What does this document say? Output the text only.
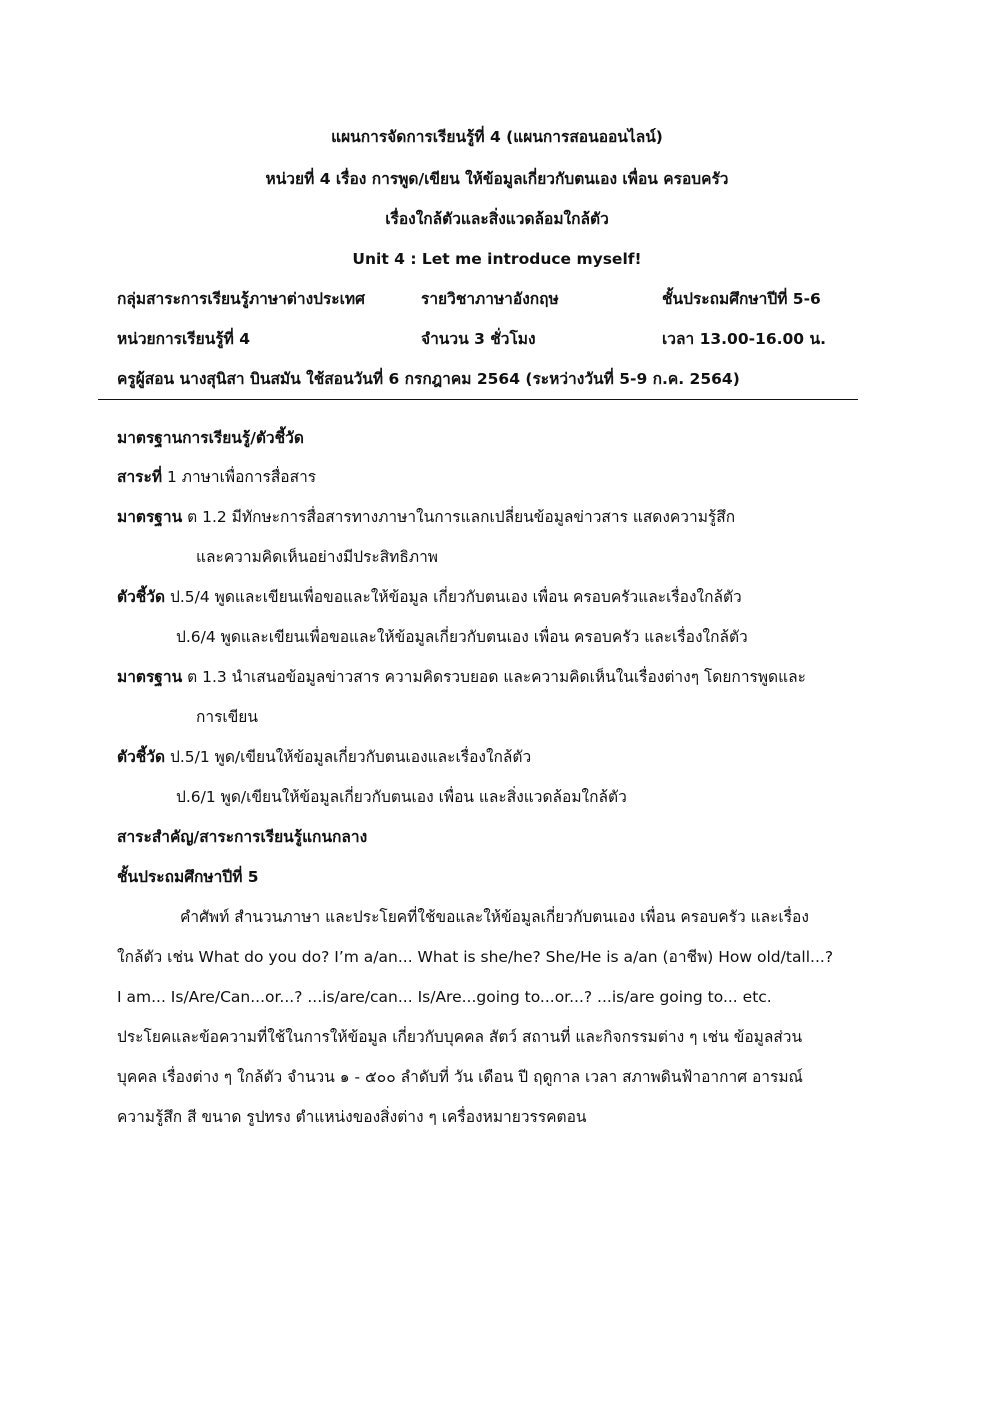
แผนการจัดการเรียนรู้ที่ 4 (แผนการสอนออนไลน์)
หน่วยที่ 4 เรื่อง การพูด/เขียน ให้ข้อมูลเกี่ยวกับตนเอง เพื่อน ครอบครัว
เรื่องใกล้ตัวและสิ่งแวดล้อมใกล้ตัว
Unit 4 : Let me introduce myself!
กลุ่มสาระการเรียนรู้ภาษาต่างประเทศ	รายวิชาภาษาอังกฤษ	ชั้นประถมศึกษาปีที่ 5-6
หน่วยการเรียนรู้ที่ 4	จำนวน 3 ชั่วโมง	เวลา 13.00-16.00 น.
ครูผู้สอน นางสุนิสา บินสมัน ใช้สอนวันที่ 6 กรกฎาคม 2564 (ระหว่างวันที่ 5-9 ก.ค. 2564)
มาตรฐานการเรียนรู้/ตัวชี้วัด
สาระที่ 1 ภาษาเพื่อการสื่อสาร
มาตรฐาน ต 1.2 มีทักษะการสื่อสารทางภาษาในการแลกเปลี่ยนข้อมูลข่าวสาร แสดงความรู้สึก
และความคิดเห็นอย่างมีประสิทธิภาพ
ตัวชี้วัด ป.5/4 พูดและเขียนเพื่อขอและให้ข้อมูล เกี่ยวกับตนเอง เพื่อน ครอบครัวและเรื่องใกล้ตัว
ป.6/4 พูดและเขียนเพื่อขอและให้ข้อมูลเกี่ยวกับตนเอง เพื่อน ครอบครัว และเรื่องใกล้ตัว
มาตรฐาน ต 1.3 นำเสนอข้อมูลข่าวสาร ความคิดรวบยอด และความคิดเห็นในเรื่องต่างๆ โดยการพูดและ
การเขียน
ตัวชี้วัด ป.5/1 พูด/เขียนให้ข้อมูลเกี่ยวกับตนเองและเรื่องใกล้ตัว
ป.6/1 พูด/เขียนให้ข้อมูลเกี่ยวกับตนเอง เพื่อน และสิ่งแวดล้อมใกล้ตัว
สาระสำคัญ/สาระการเรียนรู้แกนกลาง
ชั้นประถมศึกษาปีที่ 5
คำศัพท์ สำนวนภาษา และประโยคที่ใช้ขอและให้ข้อมูลเกี่ยวกับตนเอง เพื่อน ครอบครัว และเรื่อง
ใกล้ตัว เช่น What do you do? I’m a/an... What is she/he? She/He is a/an (อาชีพ) How old/tall...?
I am... Is/Are/Can...or...? ...is/are/can... Is/Are...going to...or...? ...is/are going to... etc.
ประโยคและข้อความที่ใช้ในการให้ข้อมูล เกี่ยวกับบุคคล สัตว์ สถานที่ และกิจกรรมต่าง ๆ เช่น ข้อมูลส่วน
บุคคล เรื่องต่าง ๆ ใกล้ตัว จำนวน ๑ - ๕๐๐ ลำดับที่ วัน เดือน ปี ฤดูกาล เวลา สภาพดินฟ้าอากาศ อารมณ์
ความรู้สึก สี ขนาด รูปทรง ตำแหน่งของสิ่งต่าง ๆ เครื่องหมายวรรคตอน
